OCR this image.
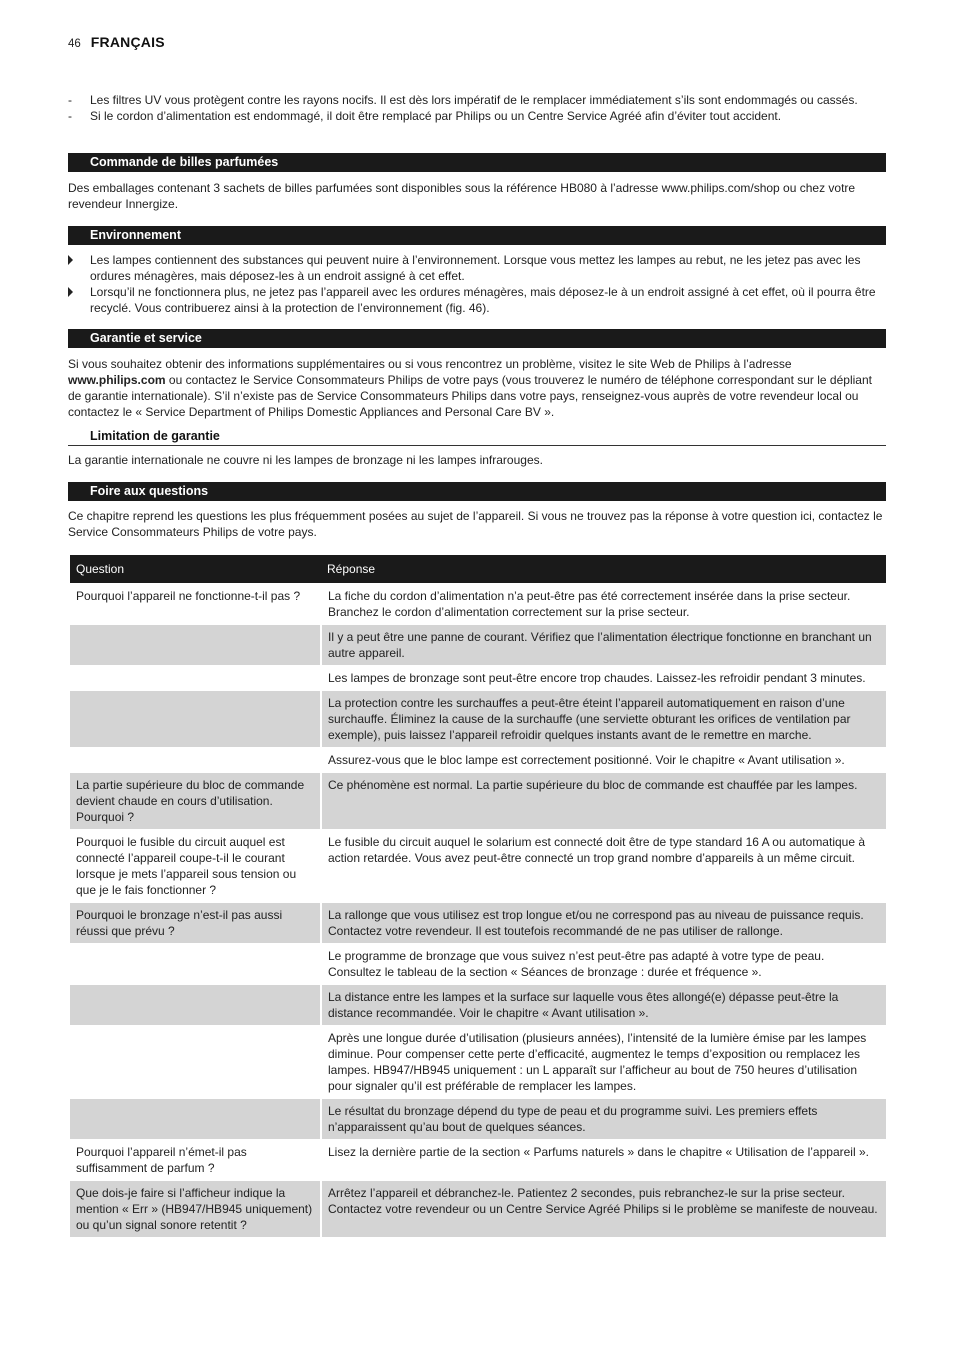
46 FRANÇAIS
- Les filtres UV vous protègent contre les rayons nocifs. Il est dès lors impératif de le remplacer immédiatement s’ils sont endommagés ou cassés.
- Si le cordon d’alimentation est endommagé, il doit être remplacé par Philips ou un Centre Service Agréé afin d’éviter tout accident.
Commande de billes parfumées

Des emballages contenant 3 sachets de billes parfumées sont disponibles sous la référence HB080 à l’adresse www.philips.com/shop ou chez votre revendeur Innergize.

Environnement
Les lampes contiennent des substances qui peuvent nuire à l’environnement. Lorsque vous mettez les lampes au rebut, ne les jetez pas avec les ordures ménagères, mais déposez-les à un endroit assigné à cet effet.
Lorsqu’il ne fonctionnera plus, ne jetez pas l’appareil avec les ordures ménagères, mais déposez-le à un endroit assigné à cet effet, où il pourra être recyclé. Vous contribuerez ainsi à la protection de l’environnement (fig. 46).
Garantie et service

Si vous souhaitez obtenir des informations supplémentaires ou si vous rencontrez un problème, visitez le site Web de Philips à l’adresse www.philips.com ou contactez le Service Consommateurs Philips de votre pays (vous trouverez le numéro de téléphone correspondant sur le dépliant de garantie internationale). S’il n’existe pas de Service Consommateurs Philips dans votre pays, renseignez-vous auprès de votre revendeur local ou contactez le « Service Department of Philips Domestic Appliances and Personal Care BV ».

Limitation de garantie

La garantie internationale ne couvre ni les lampes de bronzage ni les lampes infrarouges.

Foire aux questions

Ce chapitre reprend les questions les plus fréquemment posées au sujet de l’appareil. Si vous ne trouvez pas la réponse à votre question ici, contactez le Service Consommateurs Philips de votre pays.

Question	Réponse
Pourquoi l’appareil ne fonctionne-t-il pas ?	La fiche du cordon d’alimentation n’a peut-être pas été correctement insérée dans la prise secteur. Branchez le cordon d’alimentation correctement sur la prise secteur.
	Il y a peut être une panne de courant. Vérifiez que l’alimentation électrique fonctionne en branchant un autre appareil.
	Les lampes de bronzage sont peut-être encore trop chaudes. Laissez-les refroidir pendant 3 minutes.
	La protection contre les surchauffes a peut-être éteint l’appareil automatiquement en raison d’une surchauffe. Éliminez la cause de la surchauffe (une serviette obturant les orifices de ventilation par exemple), puis laissez l’appareil refroidir quelques instants avant de le remettre en marche.
	Assurez-vous que le bloc lampe est correctement positionné. Voir le chapitre « Avant utilisation ».
La partie supérieure du bloc de commande devient chaude en cours d’utilisation. Pourquoi ?	Ce phénomène est normal. La partie supérieure du bloc de commande est chauffée par les lampes.
Pourquoi le fusible du circuit auquel est connecté l’appareil coupe-t-il le courant lorsque je mets l’appareil sous tension ou que je le fais fonctionner ?	Le fusible du circuit auquel le solarium est connecté doit être de type standard 16 A ou automatique à action retardée. Vous avez peut-être connecté un trop grand nombre d’appareils à un même circuit.
Pourquoi le bronzage n’est-il pas aussi réussi que prévu ?	La rallonge que vous utilisez est trop longue et/ou ne correspond pas au niveau de puissance requis. Contactez votre revendeur. Il est toutefois recommandé de ne pas utiliser de rallonge.
	Le programme de bronzage que vous suivez n’est peut-être pas adapté à votre type de peau. Consultez le tableau de la section « Séances de bronzage : durée et fréquence ».
	La distance entre les lampes et la surface sur laquelle vous êtes allongé(e) dépasse peut-être la distance recommandée. Voir le chapitre « Avant utilisation ».
	Après une longue durée d’utilisation (plusieurs années), l’intensité de la lumière émise par les lampes diminue. Pour compenser cette perte d’efficacité, augmentez le temps d’exposition ou remplacez les lampes. HB947/HB945 uniquement : un L apparaît sur l’afficheur au bout de 750 heures d’utilisation pour signaler qu’il est préférable de remplacer les lampes.
	Le résultat du bronzage dépend du type de peau et du programme suivi. Les premiers effets n’apparaissent qu’au bout de quelques séances.
Pourquoi l’appareil n’émet-il pas suffisamment de parfum ?	Lisez la dernière partie de la section « Parfums naturels » dans le chapitre « Utilisation de l’appareil ».
Que dois-je faire si l’afficheur indique la mention « Err » (HB947/HB945 uniquement) ou qu’un signal sonore retentit ?	Arrêtez l’appareil et débranchez-le. Patientez 2 secondes, puis rebranchez-le sur la prise secteur. Contactez votre revendeur ou un Centre Service Agréé Philips si le problème se manifeste de nouveau.
